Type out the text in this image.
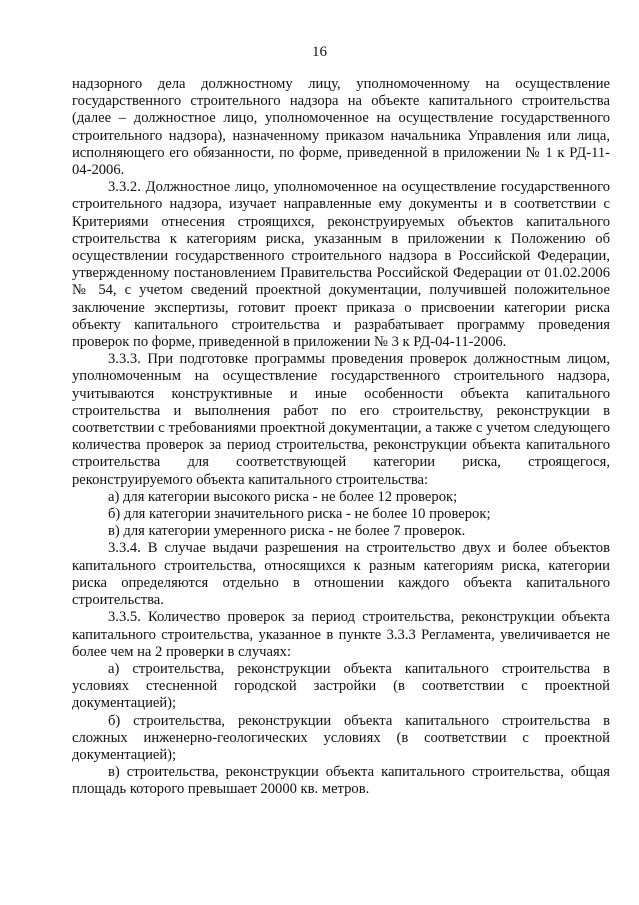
16

надзорного дела должностному лицу, уполномоченному на осуществление государственного строительного надзора на объекте капитального строительства (далее – должностное лицо, уполномоченное на осуществление государственного строительного надзора), назначенному приказом начальника Управления или лица, исполняющего его обязанности, по форме, приведенной в приложении № 1 к РД-11-04-2006.

3.3.2. Должностное лицо, уполномоченное на осуществление государственного строительного надзора, изучает направленные ему документы и в соответствии с Критериями отнесения строящихся, реконструируемых объектов капитального строительства к категориям риска, указанным в приложении к Положению об осуществлении государственного строительного надзора в Российской Федерации, утвержденному постановлением Правительства Российской Федерации от 01.02.2006 № 54, с учетом сведений проектной документации, получившей положительное заключение экспертизы, готовит проект приказа о присвоении категории риска объекту капитального строительства и разрабатывает программу проведения проверок по форме, приведенной в приложении № 3 к РД-04-11-2006.

3.3.3. При подготовке программы проведения проверок должностным лицом, уполномоченным на осуществление государственного строительного надзора, учитываются конструктивные и иные особенности объекта капитального строительства и выполнения работ по его строительству, реконструкции в соответствии с требованиями проектной документации, а также с учетом следующего количества проверок за период строительства, реконструкции объекта капитального строительства для соответствующей категории риска, строящегося, реконструируемого объекта капитального строительства:

а) для категории высокого риска - не более 12 проверок;

б) для категории значительного риска - не более 10 проверок;

в) для категории умеренного риска - не более 7 проверок.

3.3.4. В случае выдачи разрешения на строительство двух и более объектов капитального строительства, относящихся к разным категориям риска, категории риска определяются отдельно в отношении каждого объекта капитального строительства.

3.3.5. Количество проверок за период строительства, реконструкции объекта капитального строительства, указанное в пункте 3.3.3 Регламента, увеличивается не более чем на 2 проверки в случаях:

а) строительства, реконструкции объекта капитального строительства в условиях стесненной городской застройки (в соответствии с проектной документацией);

б) строительства, реконструкции объекта капитального строительства в сложных инженерно-геологических условиях (в соответствии с проектной документацией);

в) строительства, реконструкции объекта капитального строительства, общая площадь которого превышает 20000 кв. метров.
